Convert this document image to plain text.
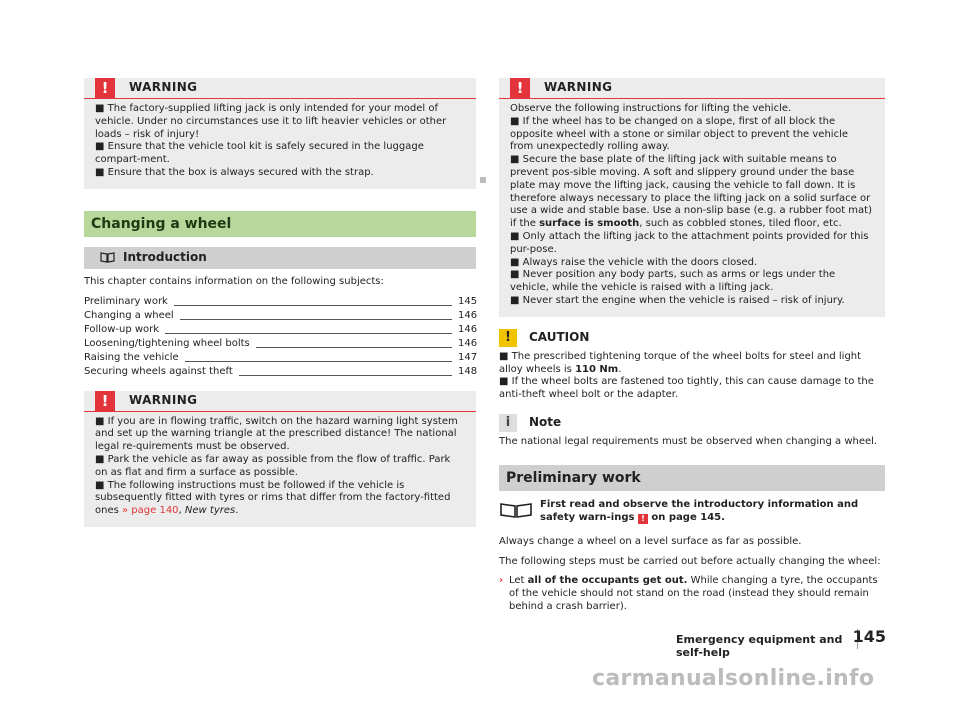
!	WARNING

■ The factory-supplied lifting jack is only intended for your model of vehicle. Under no circumstances use it to lift heavier vehicles or other loads – risk of injury!

■ Ensure that the vehicle tool kit is safely secured in the luggage compart-ment.

■ Ensure that the box is always secured with the strap.

Changing a wheel
Introduction

This chapter contains information on the following subjects:

Preliminary work	145
Changing a wheel	146
Follow-up work	146
Loosening/tightening wheel bolts	146
Raising the vehicle	147
Securing wheels against theft	148
!	WARNING

■ If you are in flowing traffic, switch on the hazard warning light system and set up the warning triangle at the prescribed distance! The national legal re-quirements must be observed.

■ Park the vehicle as far away as possible from the flow of traffic. Park on as flat and firm a surface as possible.

■ The following instructions must be followed if the vehicle is subsequently fitted with tyres or rims that differ from the factory-fitted ones » page 140, New tyres.

!	WARNING

Observe the following instructions for lifting the vehicle.

■ If the wheel has to be changed on a slope, first of all block the opposite wheel with a stone or similar object to prevent the vehicle from unexpectedly rolling away.

■ Secure the base plate of the lifting jack with suitable means to prevent pos-sible moving. A soft and slippery ground under the base plate may move the lifting jack, causing the vehicle to fall down. It is therefore always necessary to place the lifting jack on a solid surface or use a wide and stable base. Use a non-slip base (e.g. a rubber foot mat) if the surface is smooth, such as cobbled stones, tiled floor, etc.

■ Only attach the lifting jack to the attachment points provided for this pur-pose.

■ Always raise the vehicle with the doors closed.

■ Never position any body parts, such as arms or legs under the vehicle, while the vehicle is raised with a lifting jack.

■ Never start the engine when the vehicle is raised – risk of injury.

!	CAUTION

■ The prescribed tightening torque of the wheel bolts for steel and light alloy wheels is 110 Nm.

■ If the wheel bolts are fastened too tightly, this can cause damage to the anti-theft wheel bolt or the adapter.

i	Note

The national legal requirements must be observed when changing a wheel.

Preliminary work

First read and observe the introductory information and safety warn-ings ! on page 145.

Always change a wheel on a level surface as far as possible.

The following steps must be carried out before actually changing the wheel:

› Let all of the occupants get out. While changing a tyre, the occupants of the vehicle should not stand on the road (instead they should remain behind a crash barrier).

Emergency equipment and self-help
145
carmanualsonline.info
